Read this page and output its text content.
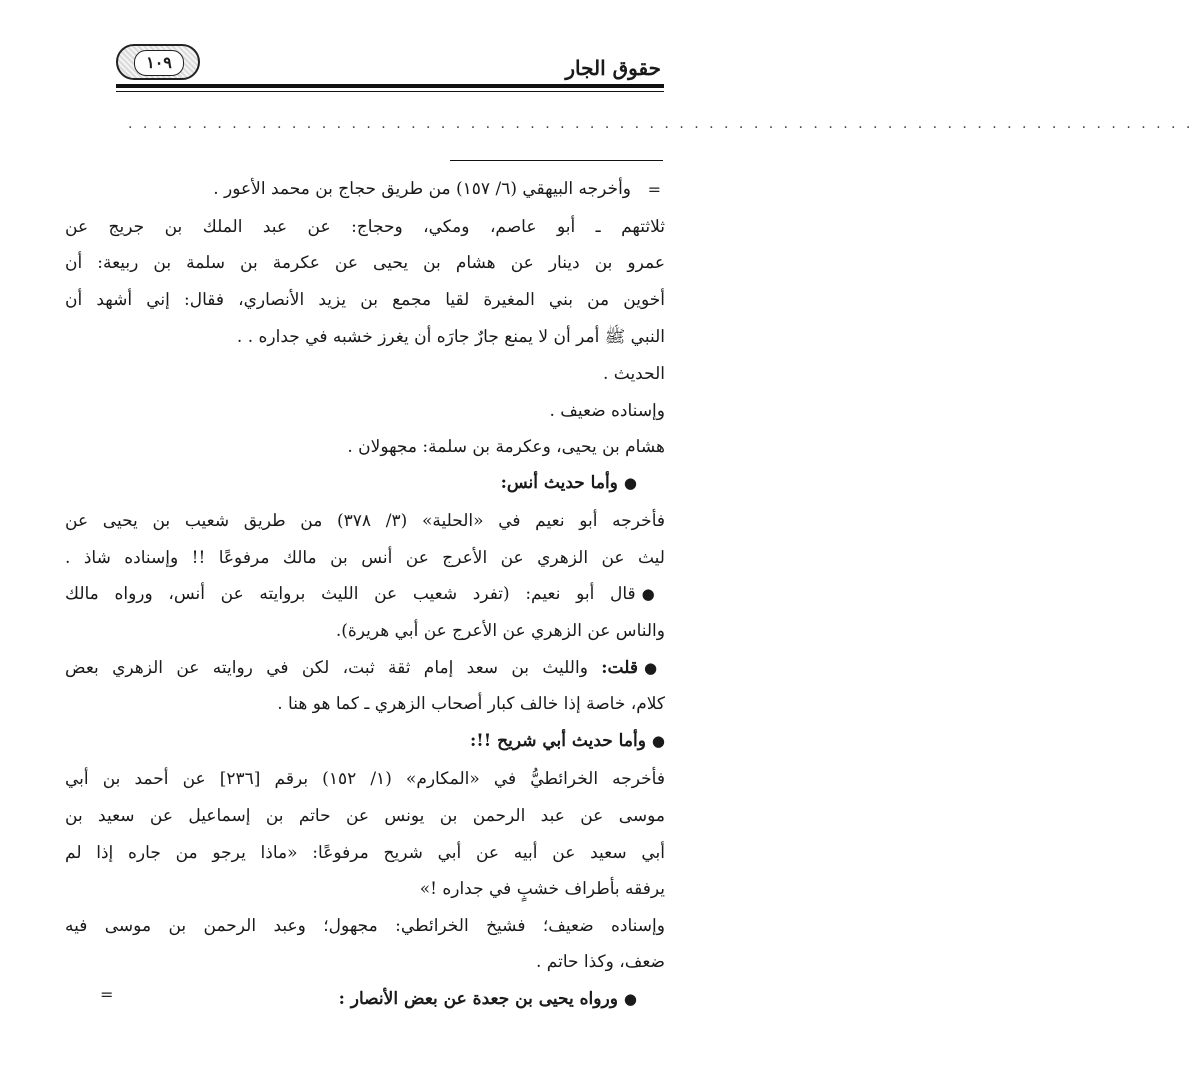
١٠٩	حقوق الجار
. . . . . . . . . . . . . . . . . . . . . . . . . . . . . . . . . . . . . . . . . . . . . . . . . . . . . . . . . . . . . . . . . . . . . . . .
=
=
وأخرجه البيهقي (٦/ ١٥٧) من طريق حجاج بن محمد الأعور .
ثلاثتهم ـ أبو عاصم، ومكي، وحجاج: عن عبد الملك بن جريج عن
عمرو بن دينار عن هشام بن يحيى عن عكرمة بن سلمة بن ربيعة: أن
أخوين من بني المغيرة لقيا مجمع بن يزيد الأنصاري، فقال: إني أشهد أن
النبي ﷺ أمر أن لا يمنع جارٌ جارَه أن يغرز خشبه في جداره . .
الحديث .
وإسناده ضعيف .
هشام بن يحيى، وعكرمة بن سلمة: مجهولان .
●وأما حديث أنس:
فأخرجه أبو نعيم في «الحلية» (٣/ ٣٧٨) من طريق شعيب بن يحيى عن
ليث عن الزهري عن الأعرج عن أنس بن مالك مرفوعًا !! وإسناده شاذ .
●قال أبو نعيم: (تفرد شعيب عن الليث بروايته عن أنس، ورواه مالك
والناس عن الزهري عن الأعرج عن أبي هريرة).
●قلت: والليث بن سعد إمام ثقة ثبت، لكن في روايته عن الزهري بعض
كلام، خاصة إذا خالف كبار أصحاب الزهري ـ كما هو هنا .
●وأما حديث أبي شريح !!:
فأخرجه الخرائطيُّ في «المكارم» (١/ ١٥٢) برقم [٢٣٦] عن أحمد بن أبي
موسى عن عبد الرحمن بن يونس عن حاتم بن إسماعيل عن سعيد بن
أبي سعيد عن أبيه عن أبي شريح مرفوعًا: «ماذا يرجو من جاره إذا لم
يرفقه بأطراف خشبٍ في جداره !»
وإسناده ضعيف؛ فشيخ الخرائطي: مجهول؛ وعبد الرحمن بن موسى فيه
ضعف، وكذا حاتم .
●ورواه يحيى بن جعدة عن بعض الأنصار :
